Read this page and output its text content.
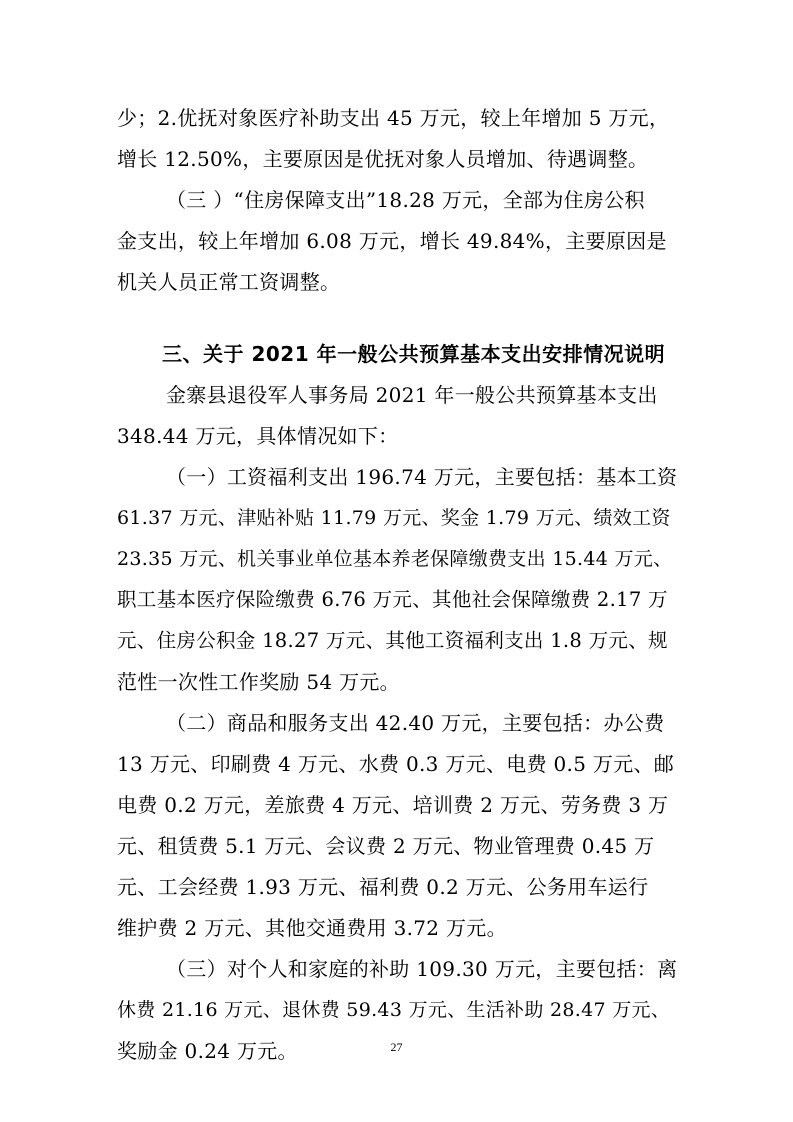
少；2.优抚对象医疗补助支出 45 万元，较上年增加 5 万元，
增长 12.50%，主要原因是优抚对象人员增加、待遇调整。
（三 ）“住房保障支出”18.28 万元，全部为住房公积
金支出，较上年增加 6.08 万元，增长 49.84%，主要原因是
机关人员正常工资调整。
三、关于 2021 年一般公共预算基本支出安排情况说明
金寨县退役军人事务局 2021 年一般公共预算基本支出
348.44 万元，具体情况如下：
（一）工资福利支出 196.74 万元，主要包括：基本工资
61.37 万元、津贴补贴 11.79 万元、奖金 1.79 万元、绩效工资
23.35 万元、机关事业单位基本养老保障缴费支出 15.44 万元、
职工基本医疗保险缴费 6.76 万元、其他社会保障缴费 2.17 万
元、住房公积金 18.27 万元、其他工资福利支出 1.8 万元、规
范性一次性工作奖励 54 万元。
（二）商品和服务支出 42.40 万元，主要包括：办公费
13 万元、印刷费 4 万元、水费 0.3 万元、电费 0.5 万元、邮
电费 0.2 万元，差旅费 4 万元、培训费 2 万元、劳务费 3 万
元、租赁费 5.1 万元、会议费 2 万元、物业管理费 0.45 万
元、工会经费 1.93 万元、福利费 0.2 万元、公务用车运行
维护费 2 万元、其他交通费用 3.72 万元。
（三）对个人和家庭的补助 109.30 万元，主要包括：离
休费 21.16 万元、退休费 59.43 万元、生活补助 28.47 万元、
奖励金 0.24 万元。	27
